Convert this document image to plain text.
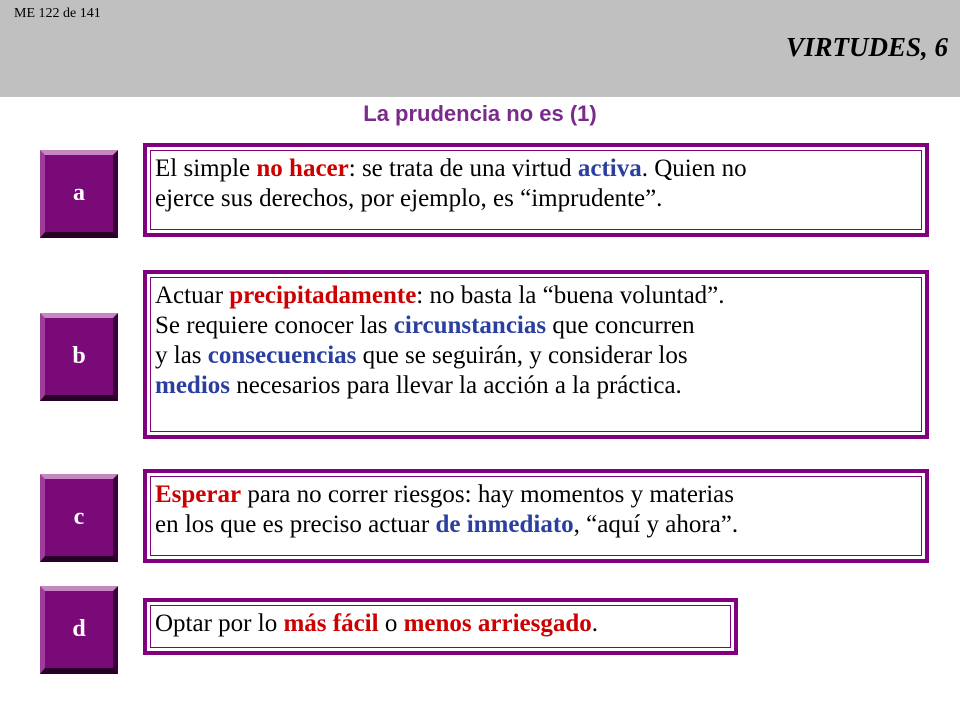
ME 122 de 141
VIRTUDES, 6
La prudencia no es (1)
a
El simple no hacer: se trata de una virtud activa. Quien no
ejerce sus derechos, por ejemplo, es “imprudente”.
b
Actuar precipitadamente: no basta la “buena voluntad”.
Se requiere conocer las circunstancias que concurren
y las consecuencias que se seguirán, y considerar los
medios necesarios para llevar la acción a la práctica.
c
Esperar para no correr riesgos: hay momentos y materias
en los que es preciso actuar de inmediato, “aquí y ahora”.
d	Optar por lo más fácil o menos arriesgado.
